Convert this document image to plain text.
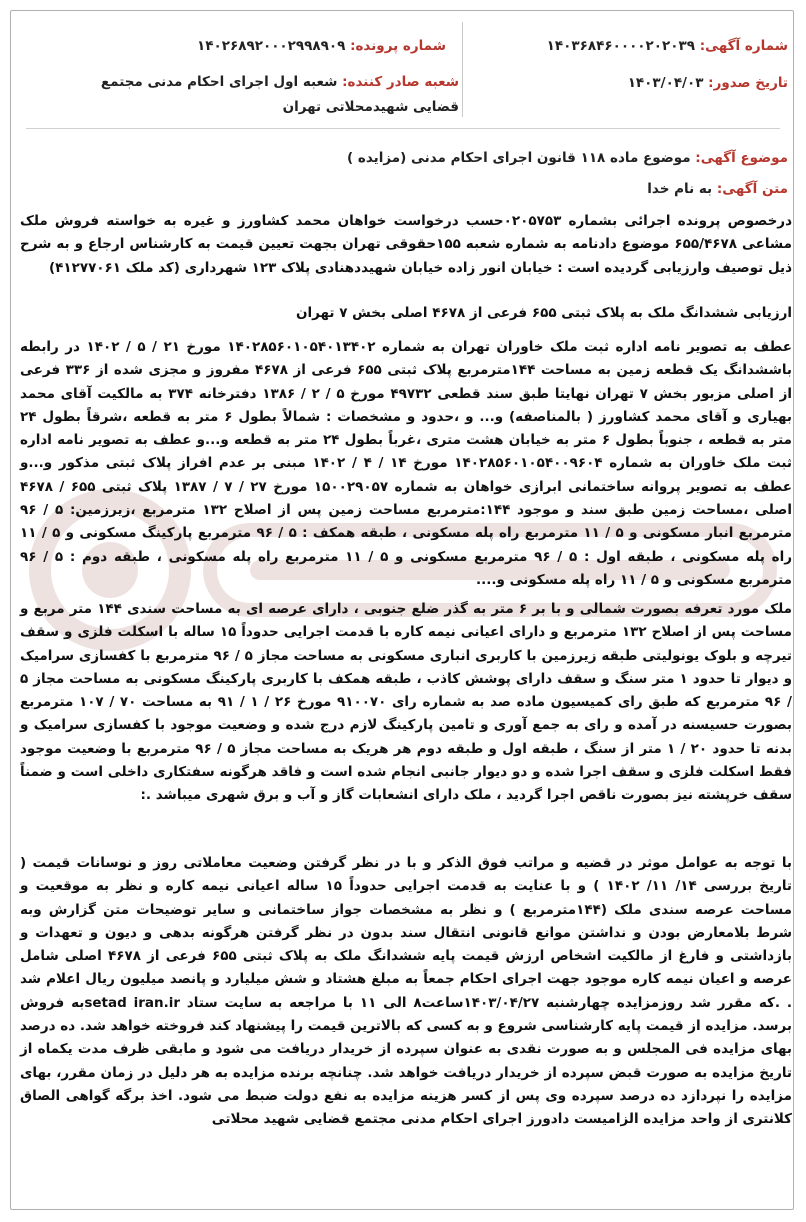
شماره آگهی: ۱۴۰۳۶۸۴۶۰۰۰۰۲۰۲۰۳۹
شماره پرونده: ۱۴۰۲۶۸۹۲۰۰۰۲۹۹۸۹۰۹
تاریخ صدور: ۱۴۰۳/۰۴/۰۳
شعبه صادر کننده: شعبه اول اجرای احکام مدنی مجتمع قضایی شهیدمحلاتی تهران
موضوع آگهی: موضوع ماده ۱۱۸ قانون اجرای احکام مدنی (مزایده )
متن آگهی: به نام خدا
درخصوص پرونده اجرائی بشماره ۰۲۰۵۷۵۳حسب درخواست خواهان محمد کشاورز و غیره به خواسته فروش ملک مشاعی ۶۵۵/۴۶۷۸ موضوع دادنامه به شماره شعبه ۱۵۵حقوقی تهران بجهت تعیین قیمت به کارشناس ارجاع و به شرح ذیل توصیف وارزیابی گردیده است : خیابان انور زاده خیابان شهیددهنادی پلاک ۱۲۳ شهرداری (کد ملک ۴۱۲۷۷۰۶۱)
ارزیابی ششدانگ ملک به پلاک ثبتی ۶۵۵ فرعی از ۴۶۷۸ اصلی بخش ۷ تهران
عطف به تصویر نامه اداره ثبت ملک خاوران تهران به شماره ۱۴۰۲۸۵۶۰۱۰۵۴۰۱۳۴۰۲ مورخ ۲۱ / ۵ / ۱۴۰۲ در رابطه باششدانگ یک قطعه زمین به مساحت ۱۴۴مترمربع پلاک ثبتی ۶۵۵ فرعی از ۴۶۷۸ مفروز و مجزی شده از ۳۳۶ فرعی از اصلی مزبور بخش ۷ تهران نهایتا طبق سند قطعی ۴۹۷۳۲ مورخ ۵ / ۲ / ۱۳۸۶ دفترخانه ۳۷۴ به مالکیت آقای محمد بهیاری و آقای محمد کشاورز ( بالمناصفه) و... و ،حدود و مشخصات : شمالاً بطول ۶ متر به قطعه ،شرقاً بطول ۲۴ متر به قطعه ، جنوباً بطول ۶ متر به خیابان هشت متری ،غرباً بطول ۲۴ متر به قطعه و...و عطف به تصویر نامه اداره ثبت ملک خاوران به شماره ۱۴۰۲۸۵۶۰۱۰۵۴۰۰۹۶۰۴ مورخ ۱۴ / ۴ / ۱۴۰۲ مبنی بر عدم افراز پلاک ثبتی مذکور و...و عطف به تصویر پروانه ساختمانی ابرازی خواهان به شماره ۱۵۰۰۲۹۰۵۷ مورخ ۲۷ / ۷ / ۱۳۸۷ پلاک ثبتی ۶۵۵ / ۴۶۷۸ اصلی ،مساحت زمین طبق سند و موجود ۱۴۴:مترمربع مساحت زمین پس از اصلاح ۱۳۲ مترمربع ،زیرزمین: ۵ / ۹۶ مترمربع انبار مسکونی و ۵ / ۱۱ مترمربع راه پله مسکونی ، طبقه همکف : ۵ / ۹۶ مترمربع پارکینگ مسکونی و ۵ / ۱۱ راه پله مسکونی ، طبقه اول : ۵ / ۹۶ مترمربع مسکونی و ۵ / ۱۱ مترمربع راه پله مسکونی ، طبقه دوم : ۵ / ۹۶ مترمربع مسکونی و ۵ / ۱۱ راه پله مسکونی و....
ملک مورد تعرفه بصورت شمالی و با بر ۶ متر به گذر ضلع جنوبی ، دارای عرصه ای به مساحت سندی ۱۴۴ متر مربع و مساحت پس از اصلاح ۱۳۲ مترمربع و دارای اعیانی نیمه کاره با قدمت اجرایی حدوداً ۱۵ ساله با اسکلت فلزی و سقف تیرچه و بلوک یونولیتی طبقه زیرزمین با کاربری انباری مسکونی به مساحت مجاز ۵ / ۹۶ مترمربع با کفسازی سرامیک و دیوار تا حدود ۱ متر سنگ و سقف دارای پوشش کاذب ، طبقه همکف با کاربری پارکینگ مسکونی به مساحت مجاز ۵ / ۹۶ مترمربع که طبق رای کمیسیون ماده صد به شماره رای ۹۱۰۰۷۰ مورخ ۲۶ / ۱ / ۹۱ به مساحت ۷۰ / ۱۰۷ مترمربع بصورت حسیسنه در آمده و رای به جمع آوری و تامین پارکینگ لازم درج شده و وضعیت موجود با کفسازی سرامیک و بدنه تا حدود ۲۰ / ۱ متر از سنگ ، طبقه اول و طبقه دوم هر هریک به مساحت مجاز ۵ / ۹۶ مترمربع با وضعیت موجود فقط اسکلت فلزی و سقف اجرا شده و دو دیوار جانبی انجام شده است و فاقد هرگونه سفتکاری داخلی است و ضمناً سقف خرپشته نیز بصورت ناقص اجرا گردید ، ملک دارای انشعابات گاز و آب و برق شهری میباشد .:
با توجه به عوامل موثر در قضیه و مراتب فوق الذکر و با در نظر گرفتن وضعیت معاملاتی روز و نوسانات قیمت ( تاریخ بررسی ۱۴/ ۱۱/ ۱۴۰۲ ) و با عنایت به قدمت اجرایی حدوداً ۱۵ ساله اعیانی نیمه کاره و نظر به موقعیت و مساحت عرصه سندی ملک (۱۴۴مترمربع ) و نظر به مشخصات جواز ساختمانی و سایر توضیحات متن گزارش وبه شرط بلامعارض بودن و نداشتن موانع قانونی انتقال سند بدون در نظر گرفتن هرگونه بدهی و دیون و تعهدات و بازداشتی و فارغ از مالکیت اشخاص ارزش قیمت پایه ششدانگ ملک به پلاک ثبتی ۶۵۵ فرعی از ۴۶۷۸ اصلی شامل عرصه و اعیان نیمه کاره موجود جهت اجرای احکام جمعاً به مبلغ هشتاد و شش میلیارد و پانصد میلیون ریال اعلام شد . .که مقرر شد روزمزایده چهارشنبه ۱۴۰۳/۰۴/۲۷ساعت۸ الی ۱۱ با مراجعه به سایت ستاد setad iran.irبه فروش برسد. مزایده از قیمت پایه کارشناسی شروع و به کسی که بالاترین قیمت را پیشنهاد کند فروخته خواهد شد. ده درصد بهای مزایده فی المجلس و به صورت نقدی به عنوان سپرده از خریدار دریافت می شود و مابقی ظرف مدت یکماه از تاریخ مزایده به صورت قبض سپرده از خریدار دریافت خواهد شد. چنانچه برنده مزایده به هر دلیل در زمان مقرر، بهای مزایده را نپردازد ده درصد سپرده وی پس از کسر هزینه مزایده به نفع دولت ضبط می شود. اخذ برگه گواهی الصاق کلانتری از واحد مزایده الزامیست دادورز اجرای احکام مدنی مجتمع قضایی شهید محلاتی
